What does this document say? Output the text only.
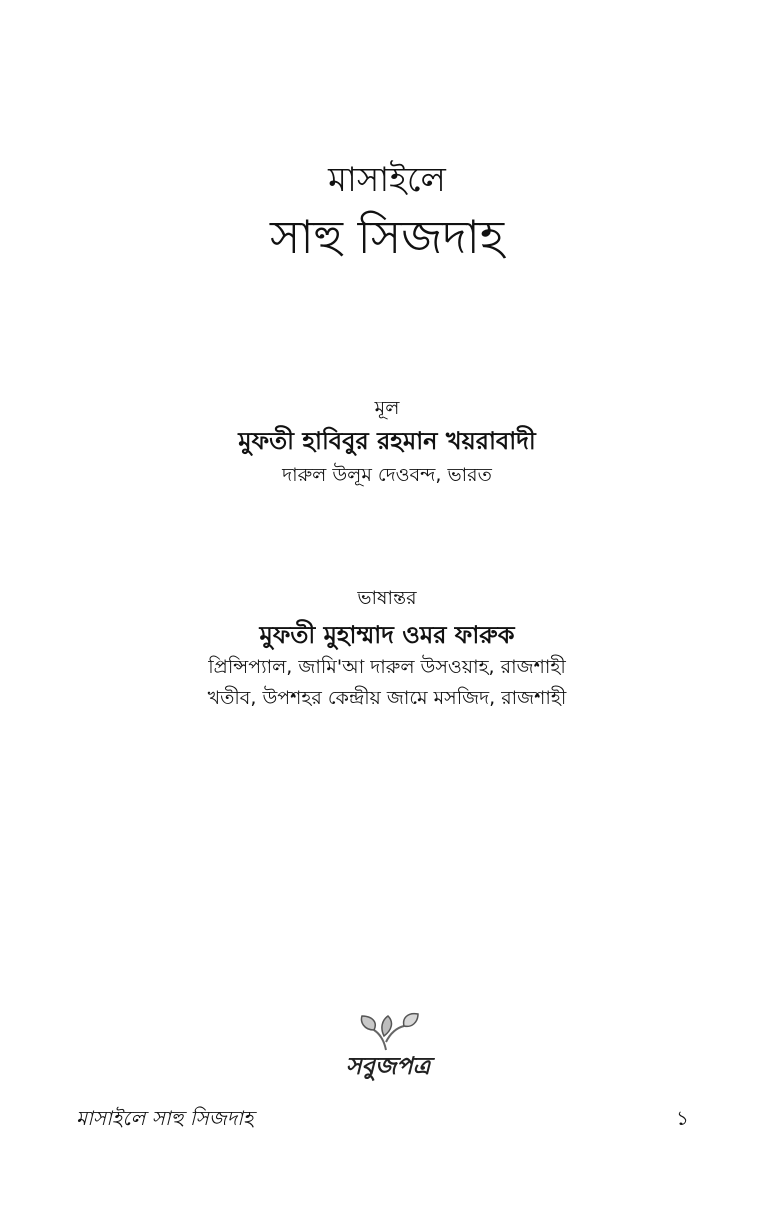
মাসাইলে
সাহু সিজদাহ
মূল
মুফতী হাবিবুর রহমান খয়রাবাদী
দারুল উলূম দেওবন্দ, ভারত
ভাষান্তর
মুফতী মুহাম্মাদ ওমর ফারুক
প্রিন্সিপ্যাল, জামি'আ দারুল উসওয়াহ, রাজশাহী
খতীব, উপশহর কেন্দ্রীয় জামে মসজিদ, রাজশাহী
সবুজপত্র
মাসাইলে সাহু সিজদাহ	১
